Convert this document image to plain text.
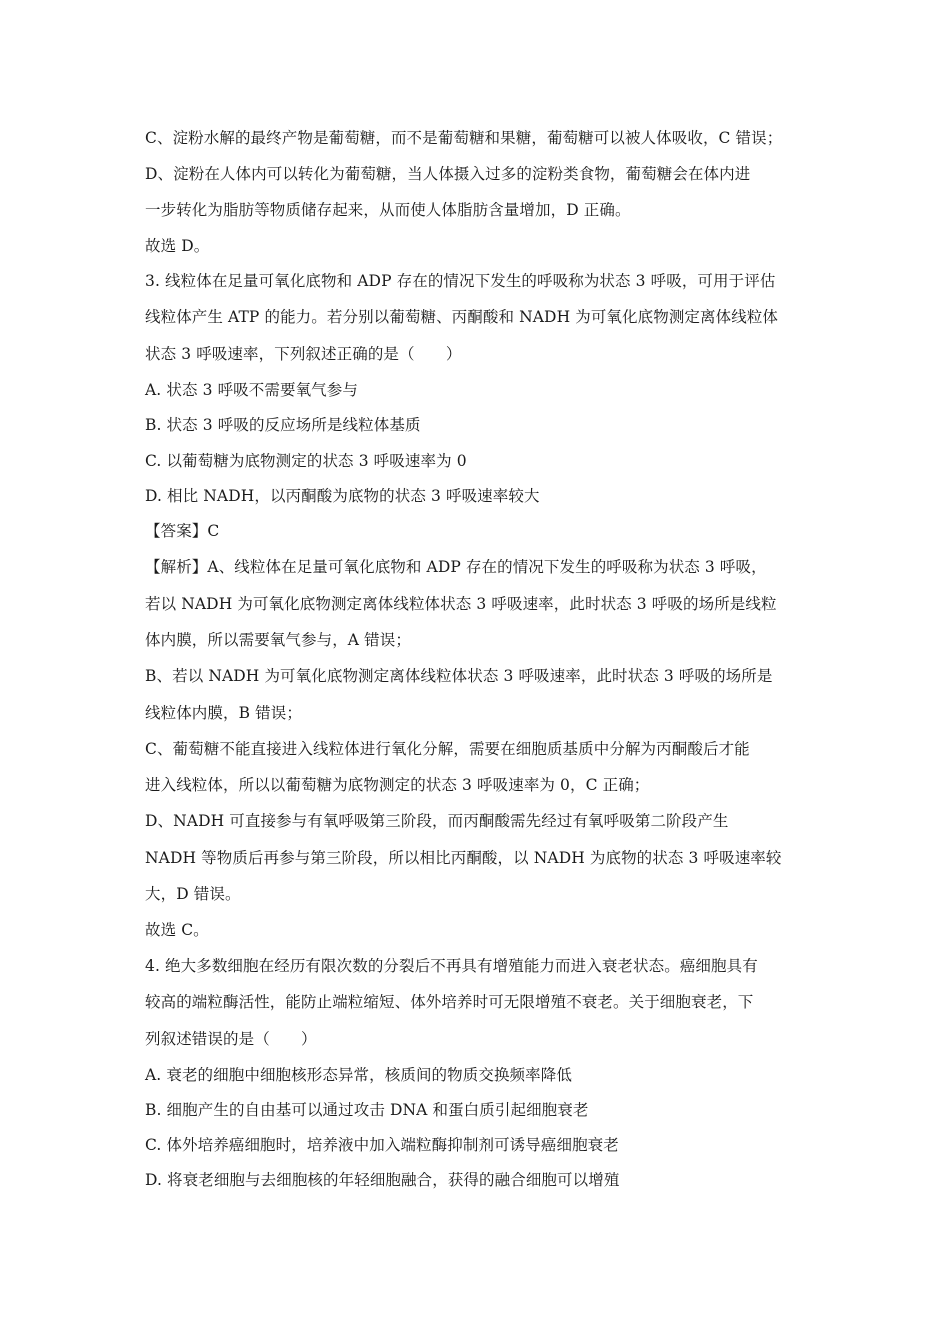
C、淀粉水解的最终产物是葡萄糖，而不是葡萄糖和果糖，葡萄糖可以被人体吸收，C 错误；
D、淀粉在人体内可以转化为葡萄糖，当人体摄入过多的淀粉类食物，葡萄糖会在体内进
一步转化为脂肪等物质储存起来，从而使人体脂肪含量增加，D 正确。
故选 D。
3. 线粒体在足量可氧化底物和 ADP 存在的情况下发生的呼吸称为状态 3 呼吸，可用于评估
线粒体产生 ATP 的能力。若分别以葡萄糖、丙酮酸和 NADH 为可氧化底物测定离体线粒体
状态 3 呼吸速率，下列叙述正确的是（　　）
A. 状态 3 呼吸不需要氧气参与
B. 状态 3 呼吸的反应场所是线粒体基质
C. 以葡萄糖为底物测定的状态 3 呼吸速率为 0
D. 相比 NADH，以丙酮酸为底物的状态 3 呼吸速率较大
【答案】C
【解析】A、线粒体在足量可氧化底物和 ADP 存在的情况下发生的呼吸称为状态 3 呼吸，
若以 NADH 为可氧化底物测定离体线粒体状态 3 呼吸速率，此时状态 3 呼吸的场所是线粒
体内膜，所以需要氧气参与，A 错误；
B、若以 NADH 为可氧化底物测定离体线粒体状态 3 呼吸速率，此时状态 3 呼吸的场所是
线粒体内膜，B 错误；
C、葡萄糖不能直接进入线粒体进行氧化分解，需要在细胞质基质中分解为丙酮酸后才能
进入线粒体，所以以葡萄糖为底物测定的状态 3 呼吸速率为 0，C 正确；
D、NADH 可直接参与有氧呼吸第三阶段，而丙酮酸需先经过有氧呼吸第二阶段产生
NADH 等物质后再参与第三阶段，所以相比丙酮酸，以 NADH 为底物的状态 3 呼吸速率较
大，D 错误。
故选 C。
4. 绝大多数细胞在经历有限次数的分裂后不再具有增殖能力而进入衰老状态。癌细胞具有
较高的端粒酶活性，能防止端粒缩短、体外培养时可无限增殖不衰老。关于细胞衰老，下
列叙述错误的是（　　）
A. 衰老的细胞中细胞核形态异常，核质间的物质交换频率降低
B. 细胞产生的自由基可以通过攻击 DNA 和蛋白质引起细胞衰老
C. 体外培养癌细胞时，培养液中加入端粒酶抑制剂可诱导癌细胞衰老
D. 将衰老细胞与去细胞核的年轻细胞融合，获得的融合细胞可以增殖
